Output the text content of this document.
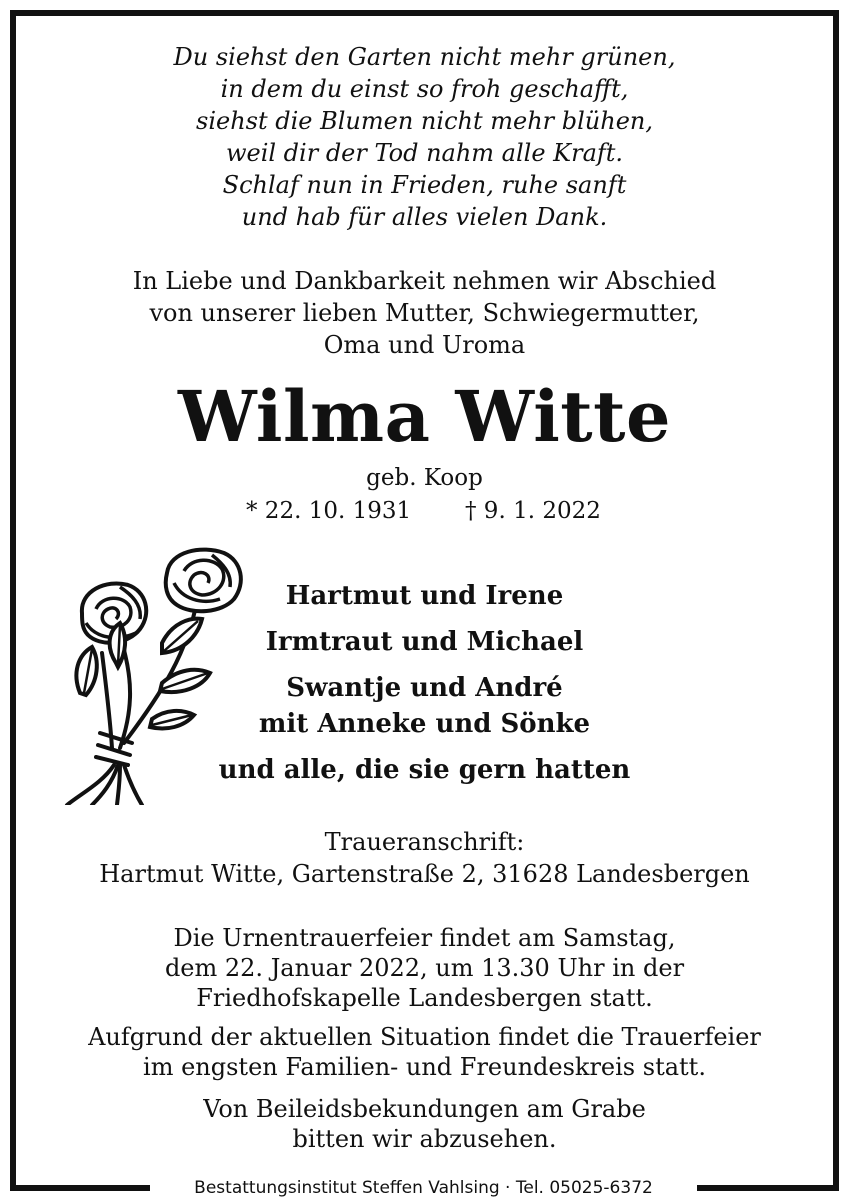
Du siehst den Garten nicht mehr grünen,
in dem du einst so froh geschafft,
siehst die Blumen nicht mehr blühen,
weil dir der Tod nahm alle Kraft.
Schlaf nun in Frieden, ruhe sanft
und hab für alles vielen Dank.
In Liebe und Dankbarkeit nehmen wir Abschied
von unserer lieben Mutter, Schwiegermutter,
Oma und Uroma
Wilma Witte
geb. Koop
* 22. 10. 1931 † 9. 1. 2022
Hartmut und Irene
Irmtraut und Michael
Swantje und André
mit Anneke und Sönke
und alle, die sie gern hatten
Traueranschrift:
Hartmut Witte, Gartenstraße 2, 31628 Landesbergen
Die Urnentrauerfeier findet am Samstag,
dem 22. Januar 2022, um 13.30 Uhr in der
Friedhofskapelle Landesbergen statt.
Aufgrund der aktuellen Situation findet die Trauerfeier
im engsten Familien- und Freundeskreis statt.
Von Beileidsbekundungen am Grabe
bitten wir abzusehen.
Bestattungsinstitut Steffen Vahlsing · Tel. 05025-6372
